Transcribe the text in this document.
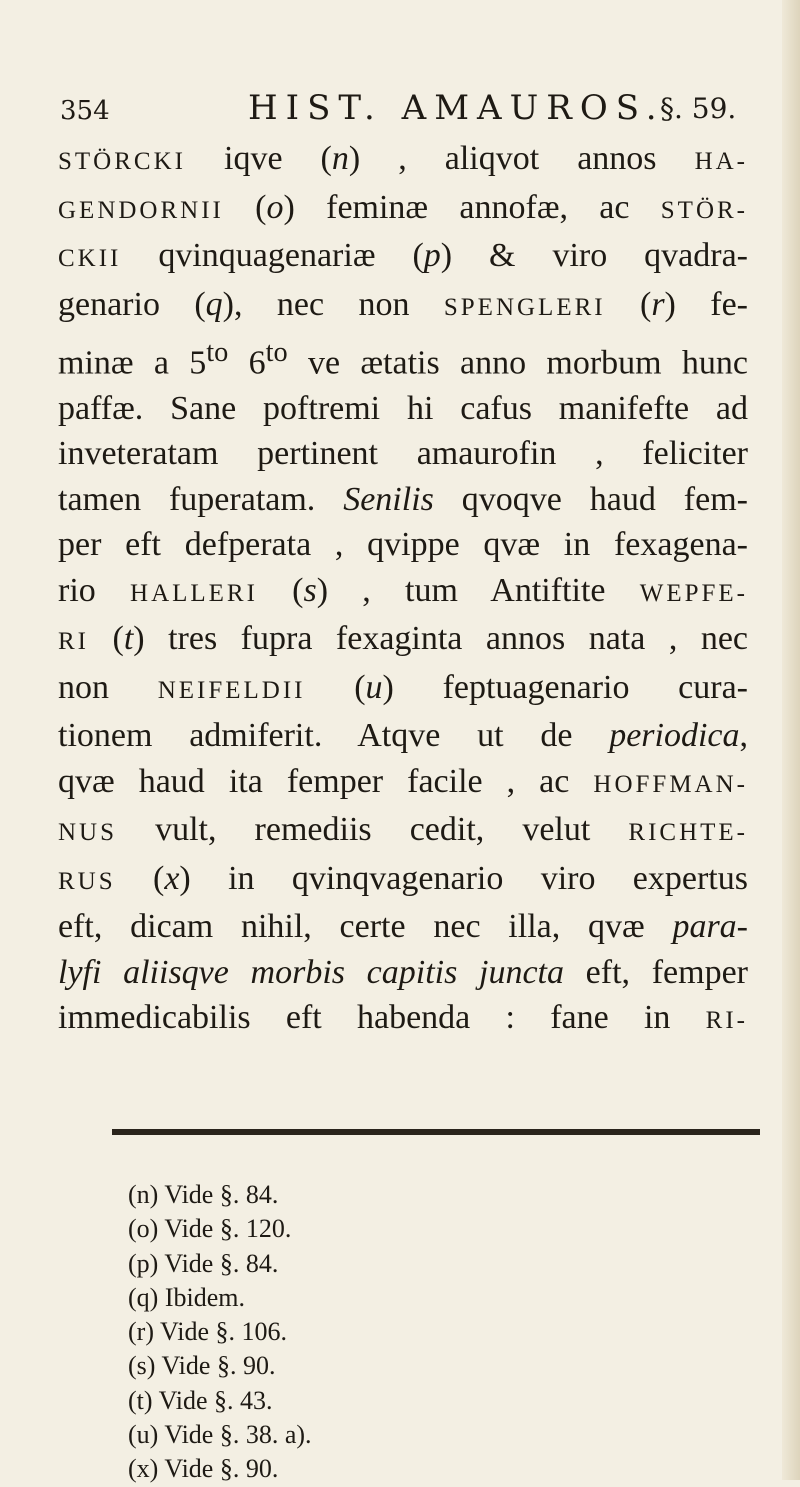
354	HIST. AMAUROS.
§. 59.
STÖRCKI iqve (n) , aliqvot annos HA-
GENDORNII (o) feminæ annofæ, ac STÖR-
CKII qvinquagenariæ (p) & viro qvadra-
genario (q), nec non SPENGLERI (r) fe-
minæ a $5^{to}$ $6^{to}$ ve ætatis anno morbum hunc
paffæ. Sane poftremi hi cafus manifefte ad
inveteratam pertinent amaurofin , feliciter
tamen fuperatam. Senilis qvoqve haud fem-
per eft defperata , qvippe qvæ in fexagena-
rio HALLERI (s) , tum Antiftite WEPFE-
RI (t) tres fupra fexaginta annos nata , nec
non NEIFELDII (u) feptuagenario cura-
tionem admiferit. Atqve ut de periodica,
qvæ haud ita femper facile , ac HOFFMAN-
NUS vult, remediis cedit, velut RICHTE-
RUS (x) in qvinqvagenario viro expertus
eft, dicam nihil, certe nec illa, qvæ para-
lyfi aliisqve morbis capitis juncta eft, femper
immedicabilis eft habenda : fane in RI-
(n) Vide §. 84.
(o) Vide §. 120.
(p) Vide §. 84.
(q) Ibidem.
(r) Vide §. 106.
(s) Vide §. 90.
(t) Vide §. 43.
(u) Vide §. 38. a).
(x) Vide §. 90.
